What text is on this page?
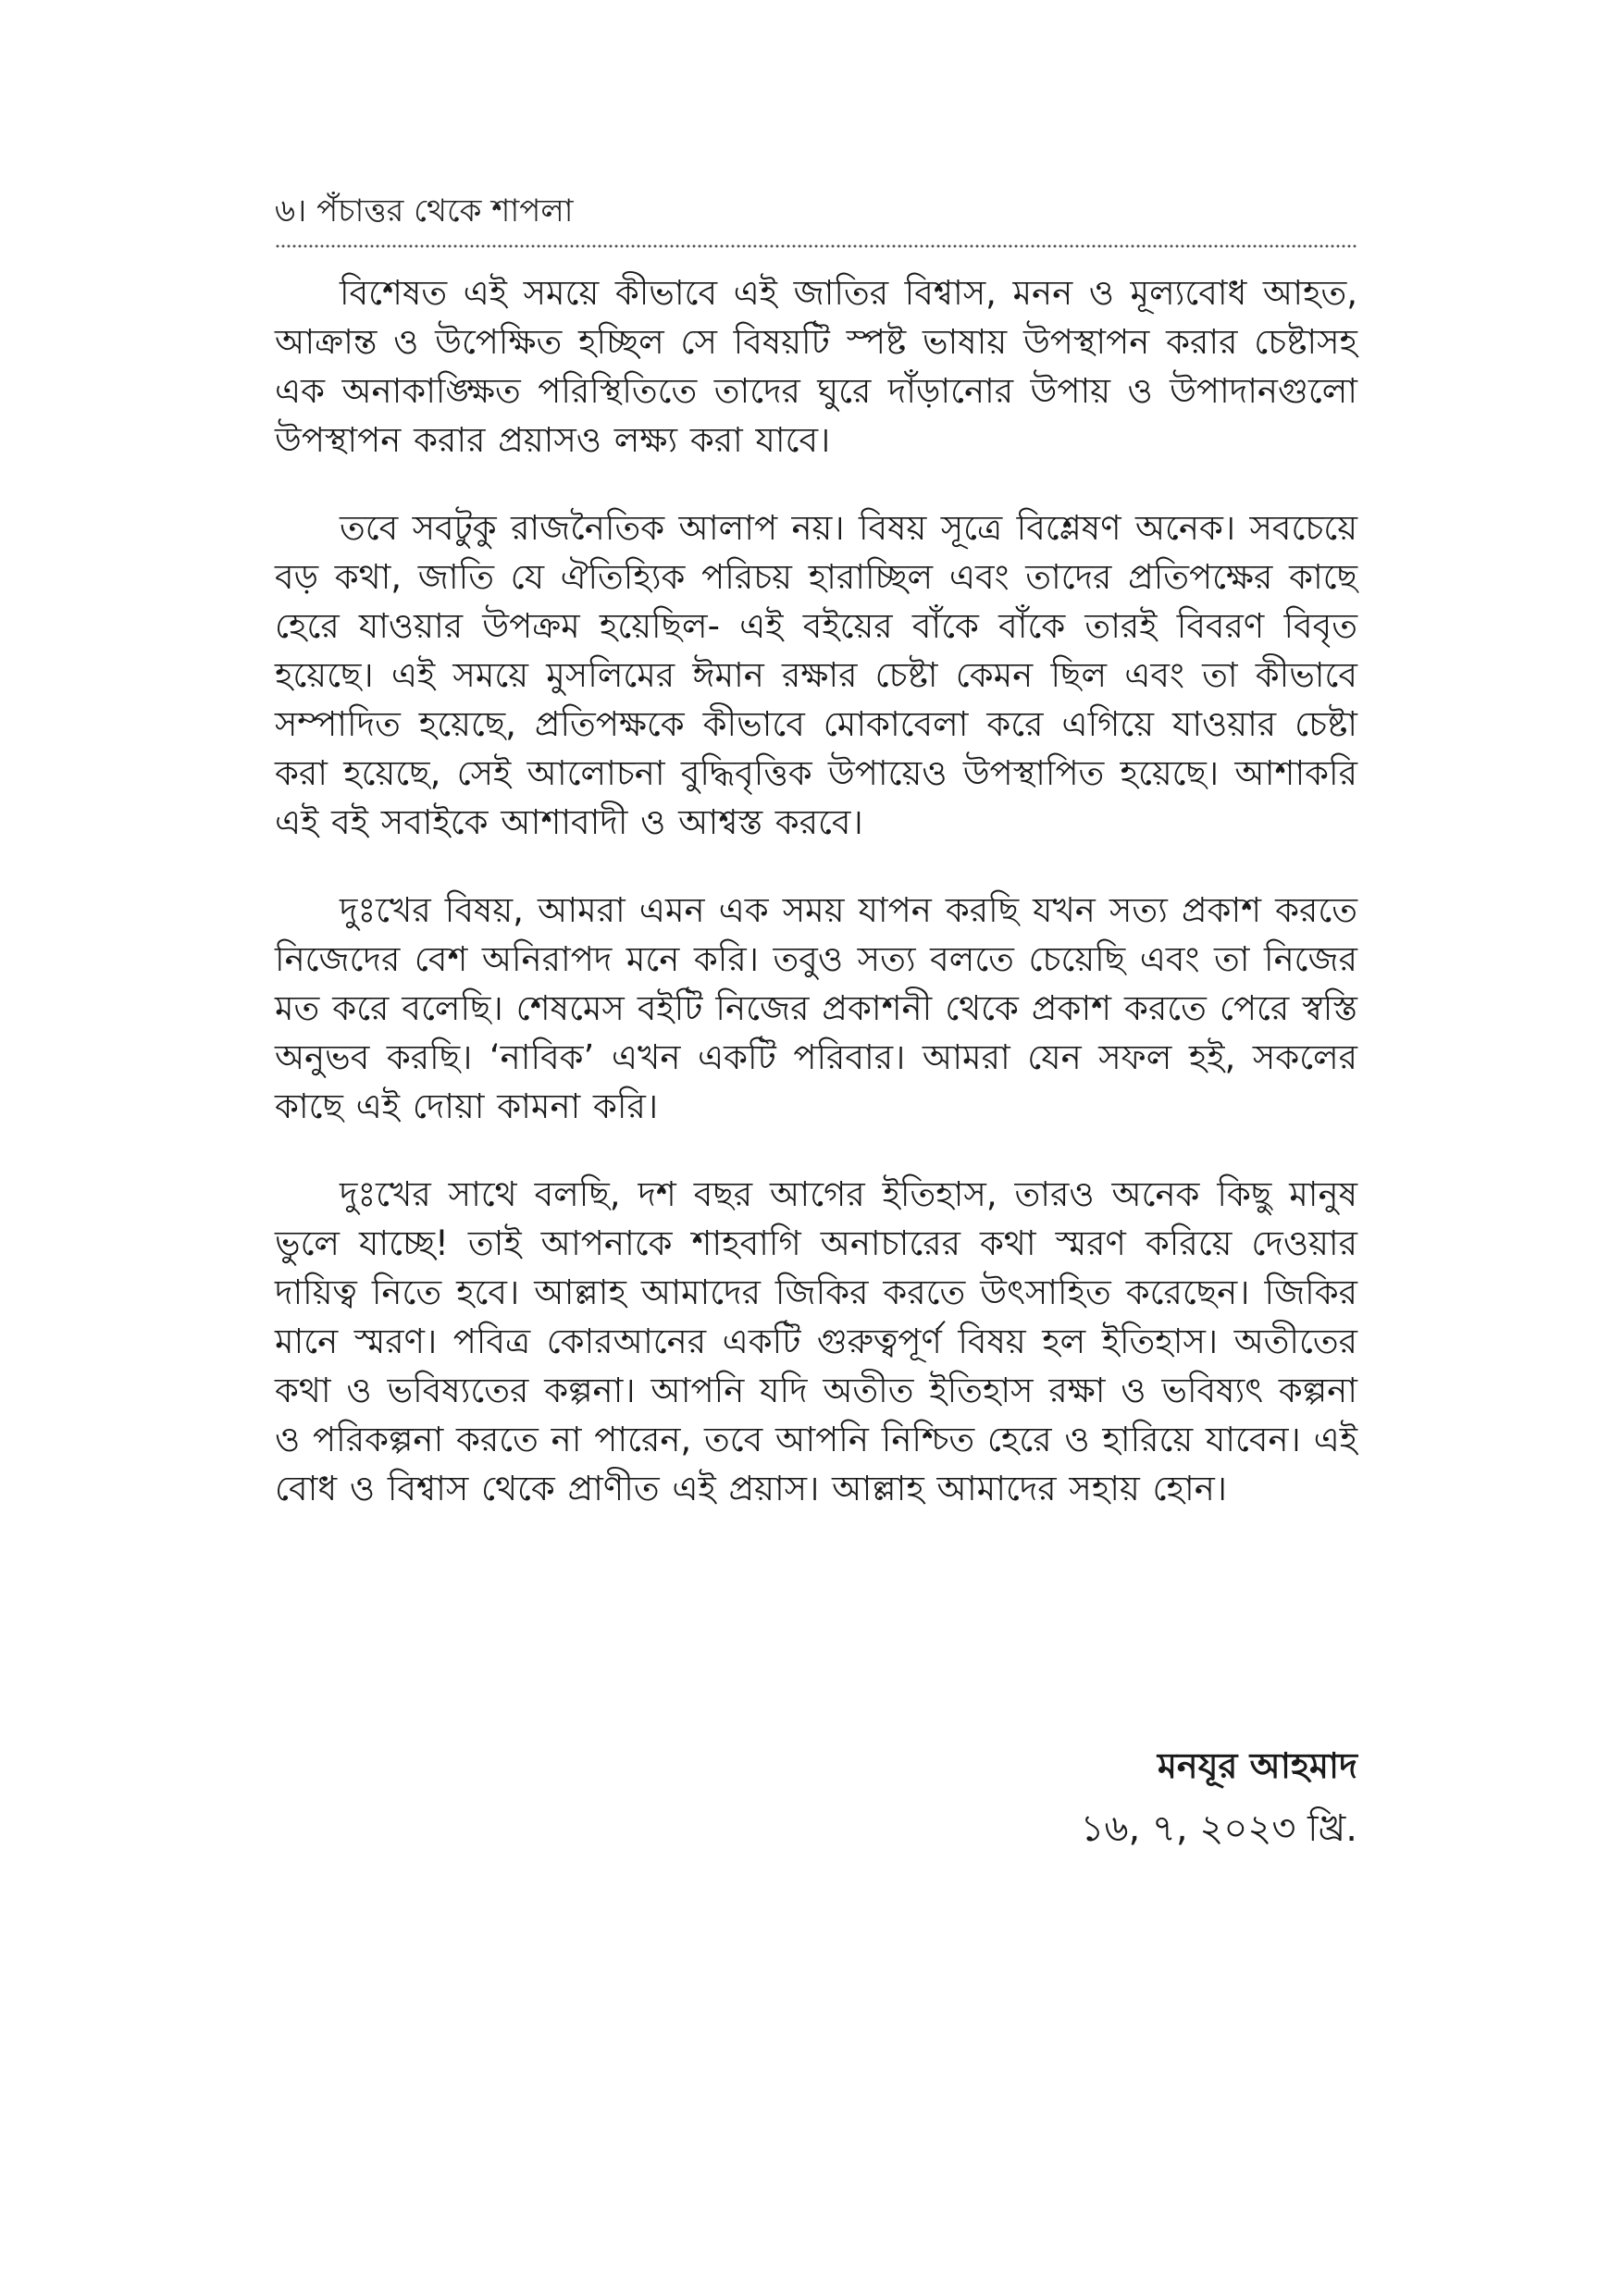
৬। পঁচাত্তর থেকে শাপলা

বিশেষত এই সময়ে কীভাবে এই জাতির বিশ্বাস, মনন ও মূল্যবোধ আহত, আক্রান্ত ও উপেক্ষিত হচ্ছিল সে বিষয়টি স্পষ্ট ভাষায় উপস্থাপন করার চেষ্টাসহ এক অনাকাঙ্ক্ষিত পরিস্থিতিতে তাদের ঘুরে দাঁড়ানোর উপায় ও উপাদানগুলো উপস্থাপন করার প্রয়াসও লক্ষ্য করা যাবে।

তবে সবটুকু রাজনৈতিক আলাপ নয়। বিষয় সূত্রে বিশ্লেষণ অনেক। সবচেয়ে বড় কথা, জাতি যে ঐতিহ্যিক পরিচয় হারাচ্ছিল এবং তাদের প্রতিপক্ষের কাছে হেরে যাওয়ার উপক্রম হয়েছিল- এই বইয়ের বাঁকে বাঁকে তারই বিবরণ বিবৃত হয়েছে। এই সময়ে মুসলিমের ঈমান রক্ষার চেষ্টা কেমন ছিল এবং তা কীভাবে সম্পাদিত হয়েছে, প্রতিপক্ষকে কীভাবে মোকাবেলা করে এগিয়ে যাওয়ার চেষ্টা করা হয়েছে, সেই আলোচনা বুদ্ধিবৃত্তিক উপায়েও উপস্থাপিত হয়েছে। আশাকরি এই বই সবাইকে আশাবাদী ও আশ্বস্ত করবে।

দুঃখের বিষয়, আমরা এমন এক সময় যাপন করছি যখন সত্য প্রকাশ করতে নিজেদের বেশ অনিরাপদ মনে করি। তবুও সত্য বলতে চেয়েছি এবং তা নিজের মত করে বলেছি। শেষমেস বইটি নিজের প্রকাশনী থেকে প্রকাশ করতে পেরে স্বস্তি অনুভব করছি। ‘নাবিক’ এখন একটি পরিবার। আমরা যেন সফল হই, সকলের কাছে এই দোয়া কামনা করি।

দুঃখের সাথে বলছি, দশ বছর আগের ইতিহাস, তারও অনেক কিছু মানুষ ভুলে যাচ্ছে! তাই আপনাকে শাহবাগি অনাচারের কথা স্মরণ করিয়ে দেওয়ার দায়িত্ব নিতে হবে। আল্লাহ আমাদের জিকির করতে উৎসাহিত করেছেন। জিকির মানে স্মরণ। পবিত্র কোরআনের একটি গুরুত্বপূর্ণ বিষয় হল ইতিহাস। অতীতের কথা ও ভবিষ্যতের কল্পনা। আপনি যদি অতীত ইতিহাস রক্ষা ও ভবিষ্যৎ কল্পনা ও পরিকল্পনা করতে না পারেন, তবে আপনি নিশ্চিত হেরে ও হারিয়ে যাবেন। এই বোধ ও বিশ্বাস থেকে প্রাণীত এই প্রয়াস। আল্লাহ আমাদের সহায় হোন।

মনযূর আহমাদ
১৬, ৭, ২০২৩ খ্রি.
